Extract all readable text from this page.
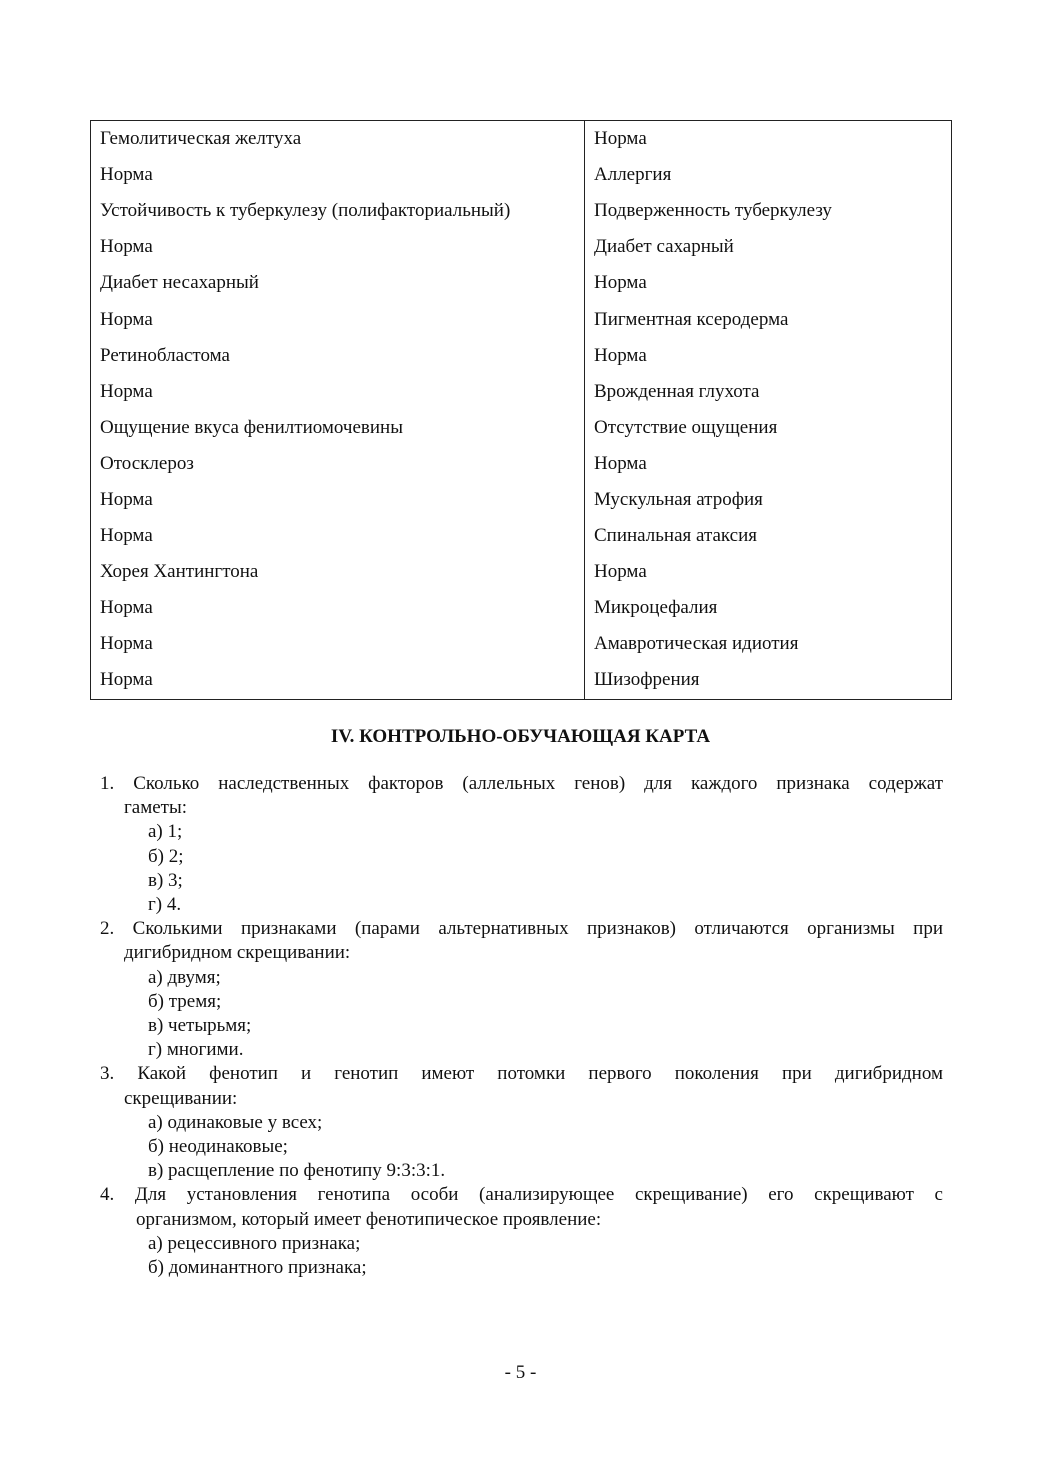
Гемолитическая желтуха	Норма
Норма	Аллергия
Устойчивость к туберкулезу (полифакториальный)	Подверженность туберкулезу
Норма	Диабет сахарный
Диабет несахарный	Норма
Норма	Пигментная ксеродерма
Ретинобластома	Норма
Норма	Врожденная глухота
Ощущение вкуса фенилтиомочевины	Отсутствие ощущения
Отосклероз	Норма
Норма	Мускульная атрофия
Норма	Спинальная атаксия
Хорея Хантингтона	Норма
Норма	Микроцефалия
Норма	Амавротическая идиотия
Норма	Шизофрения
IV. КОНТРОЛЬНО-ОБУЧАЮЩАЯ КАРТА
1. Сколько наследственных факторов (аллельных генов) для каждого признака содержат
гаметы:
а) 1;
б) 2;
в) 3;
г) 4.
2. Сколькими признаками (парами альтернативных признаков) отличаются организмы при
дигибридном скрещивании:
а) двумя;
б) тремя;
в) четырьмя;
г) многими.
3. Какой фенотип и генотип имеют потомки первого поколения при дигибридном
скрещивании:
а) одинаковые у всех;
б) неодинаковые;
в) расщепление по фенотипу 9:3:3:1.
4. Для установления генотипа особи (анализирующее скрещивание) его скрещивают с
организмом, который имеет фенотипическое проявление:
а) рецессивного признака;
б) доминантного признака;
- 5 -
